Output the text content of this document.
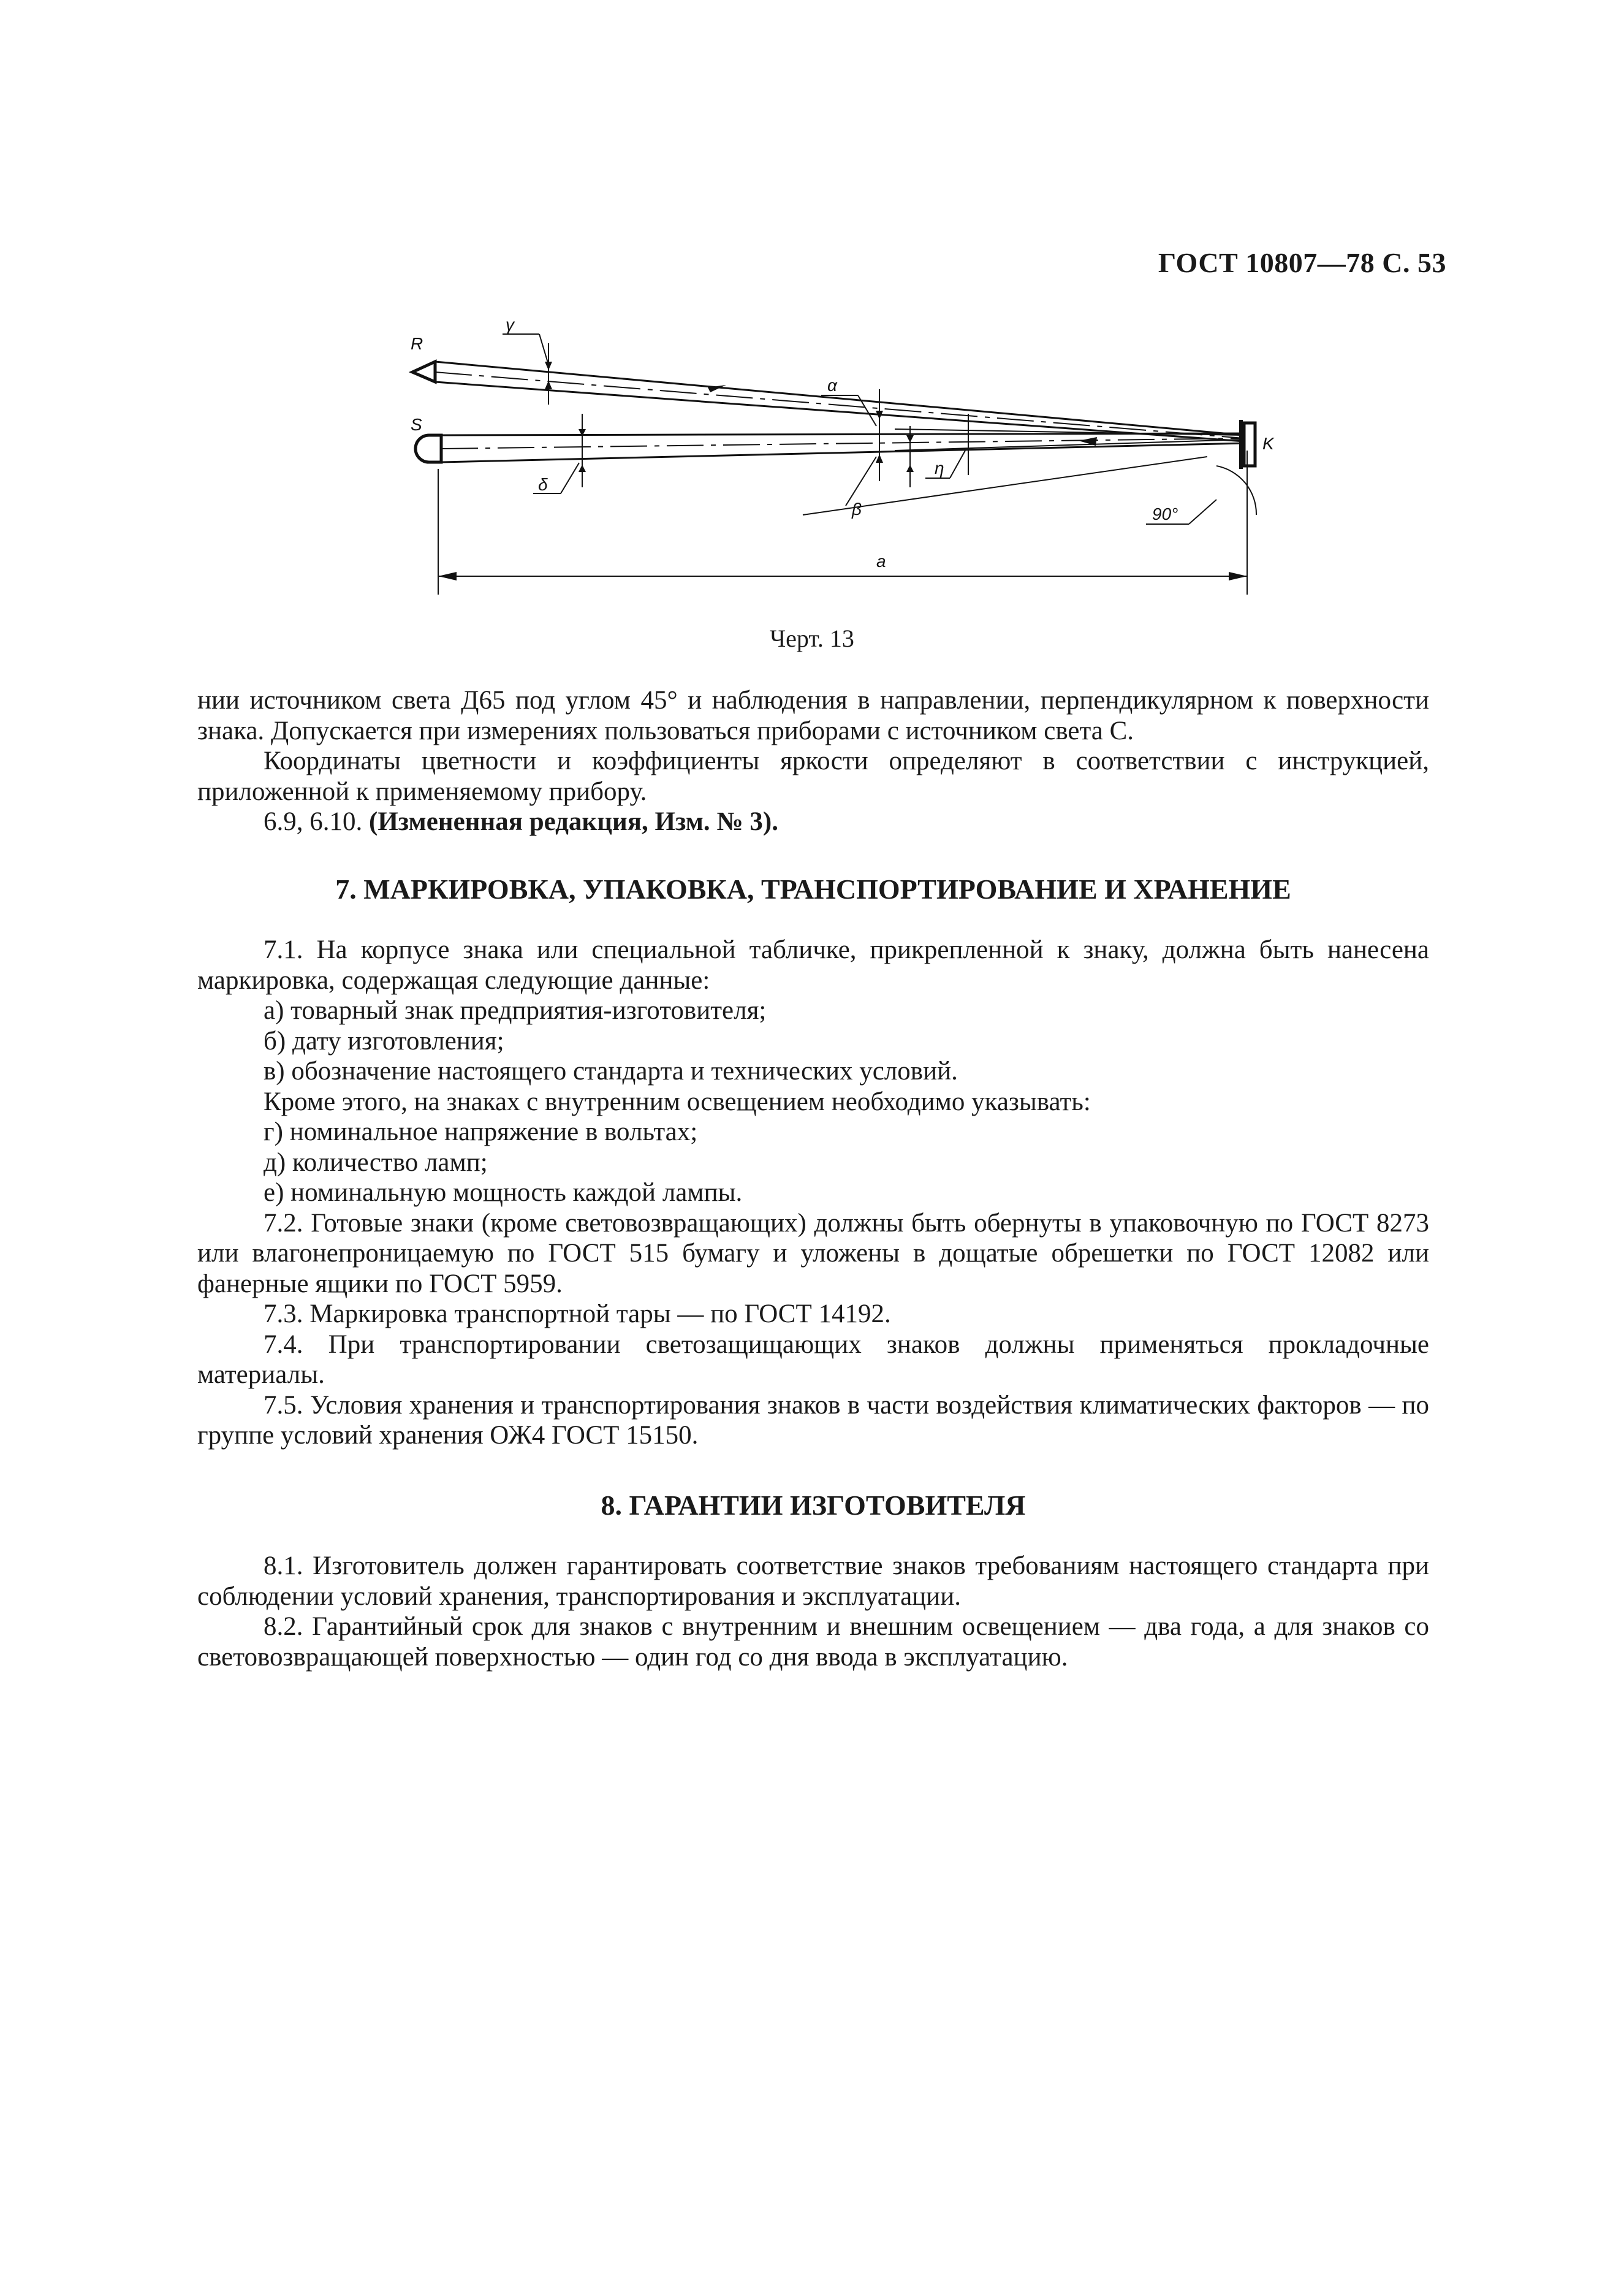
ГОСТ 10807—78 С. 53
R
S
K
γ
δ
α
β
η
90°
a
Черт. 13

нии источником света Д65 под углом 45° и наблюдения в направлении, перпендикулярном к поверхности знака. Допускается при измерениях пользоваться приборами с источником света С.

Координаты цветности и коэффициенты яркости определяют в соответствии с инструкцией, приложенной к применяемому прибору.

6.9, 6.10. (Измененная редакция, Изм. № 3).

7. МАРКИРОВКА, УПАКОВКА, ТРАНСПОРТИРОВАНИЕ И ХРАНЕНИЕ

7.1. На корпусе знака или специальной табличке, прикрепленной к знаку, должна быть нанесена маркировка, содержащая следующие данные:

а) товарный знак предприятия-изготовителя;

б) дату изготовления;

в) обозначение настоящего стандарта и технических условий.

Кроме этого, на знаках с внутренним освещением необходимо указывать:

г) номинальное напряжение в вольтах;

д) количество ламп;

е) номинальную мощность каждой лампы.

7.2. Готовые знаки (кроме световозвращающих) должны быть обернуты в упаковочную по ГОСТ 8273 или влагонепроницаемую по ГОСТ 515 бумагу и уложены в дощатые обрешетки по ГОСТ 12082 или фанерные ящики по ГОСТ 5959.

7.3. Маркировка транспортной тары — по ГОСТ 14192.

7.4. При транспортировании светозащищающих знаков должны применяться прокладочные материалы.

7.5. Условия хранения и транспортирования знаков в части воздействия климатических факторов — по группе условий хранения ОЖ4 ГОСТ 15150.

8. ГАРАНТИИ ИЗГОТОВИТЕЛЯ

8.1. Изготовитель должен гарантировать соответствие знаков требованиям настоящего стандарта при соблюдении условий хранения, транспортирования и эксплуатации.

8.2. Гарантийный срок для знаков с внутренним и внешним освещением — два года, а для знаков со световозвращающей поверхностью — один год со дня ввода в эксплуатацию.
